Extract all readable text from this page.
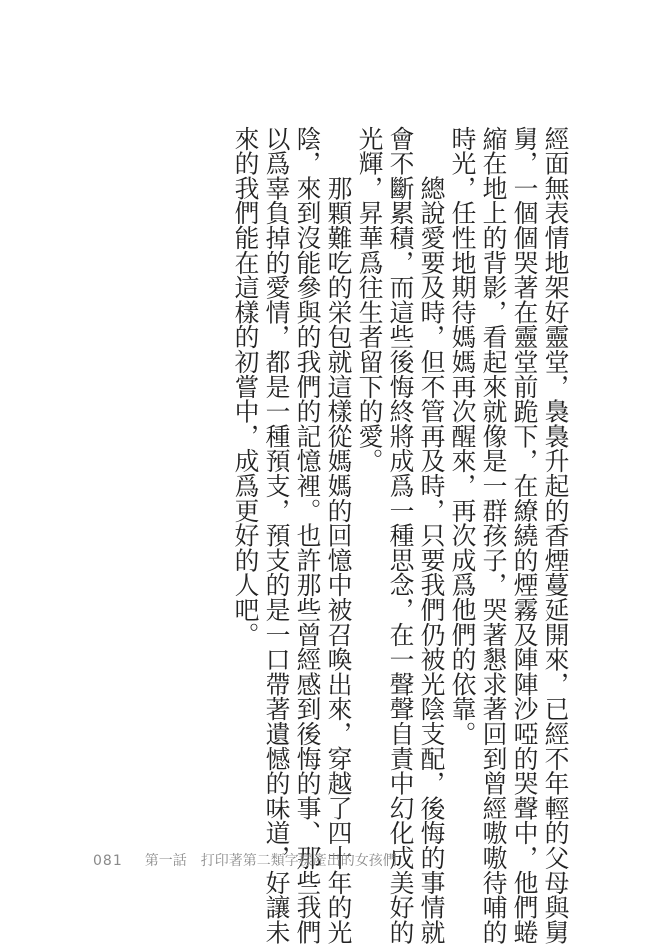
經面無表情地架好靈堂，裊裊升起的香煙蔓延開來，已經不年輕的父母與舅
舅，一個個哭著在靈堂前跪下，在繚繞的煙霧及陣陣沙啞的哭聲中，他們蜷
縮在地上的背影，看起來就像是一群孩子，哭著懇求著回到曾經嗷嗷待哺的
時光，任性地期待媽媽再次醒來，再次成爲他們的依靠。

　　總說愛要及時，但不管再及時，只要我們仍被光陰支配，後悔的事情就
會不斷累積，而這些後悔終將成爲一種思念，在一聲聲自責中幻化成美好的
光輝，昇華爲往生者留下的愛。

　　那顆難吃的栄包就這樣從媽媽的回憶中被召喚出來，穿越了四十年的光
陰，來到沒能參與的我們的記憶裡。也許那些曾經感到後悔的事、那些我們
以爲辜負掉的愛情，都是一種預支，預支的是一口帶著遺憾的味道，好讓未
來的我們能在這樣的初嘗中，成爲更好的人吧。

081 第一話　打印著第二類字樣產出的女孩們
